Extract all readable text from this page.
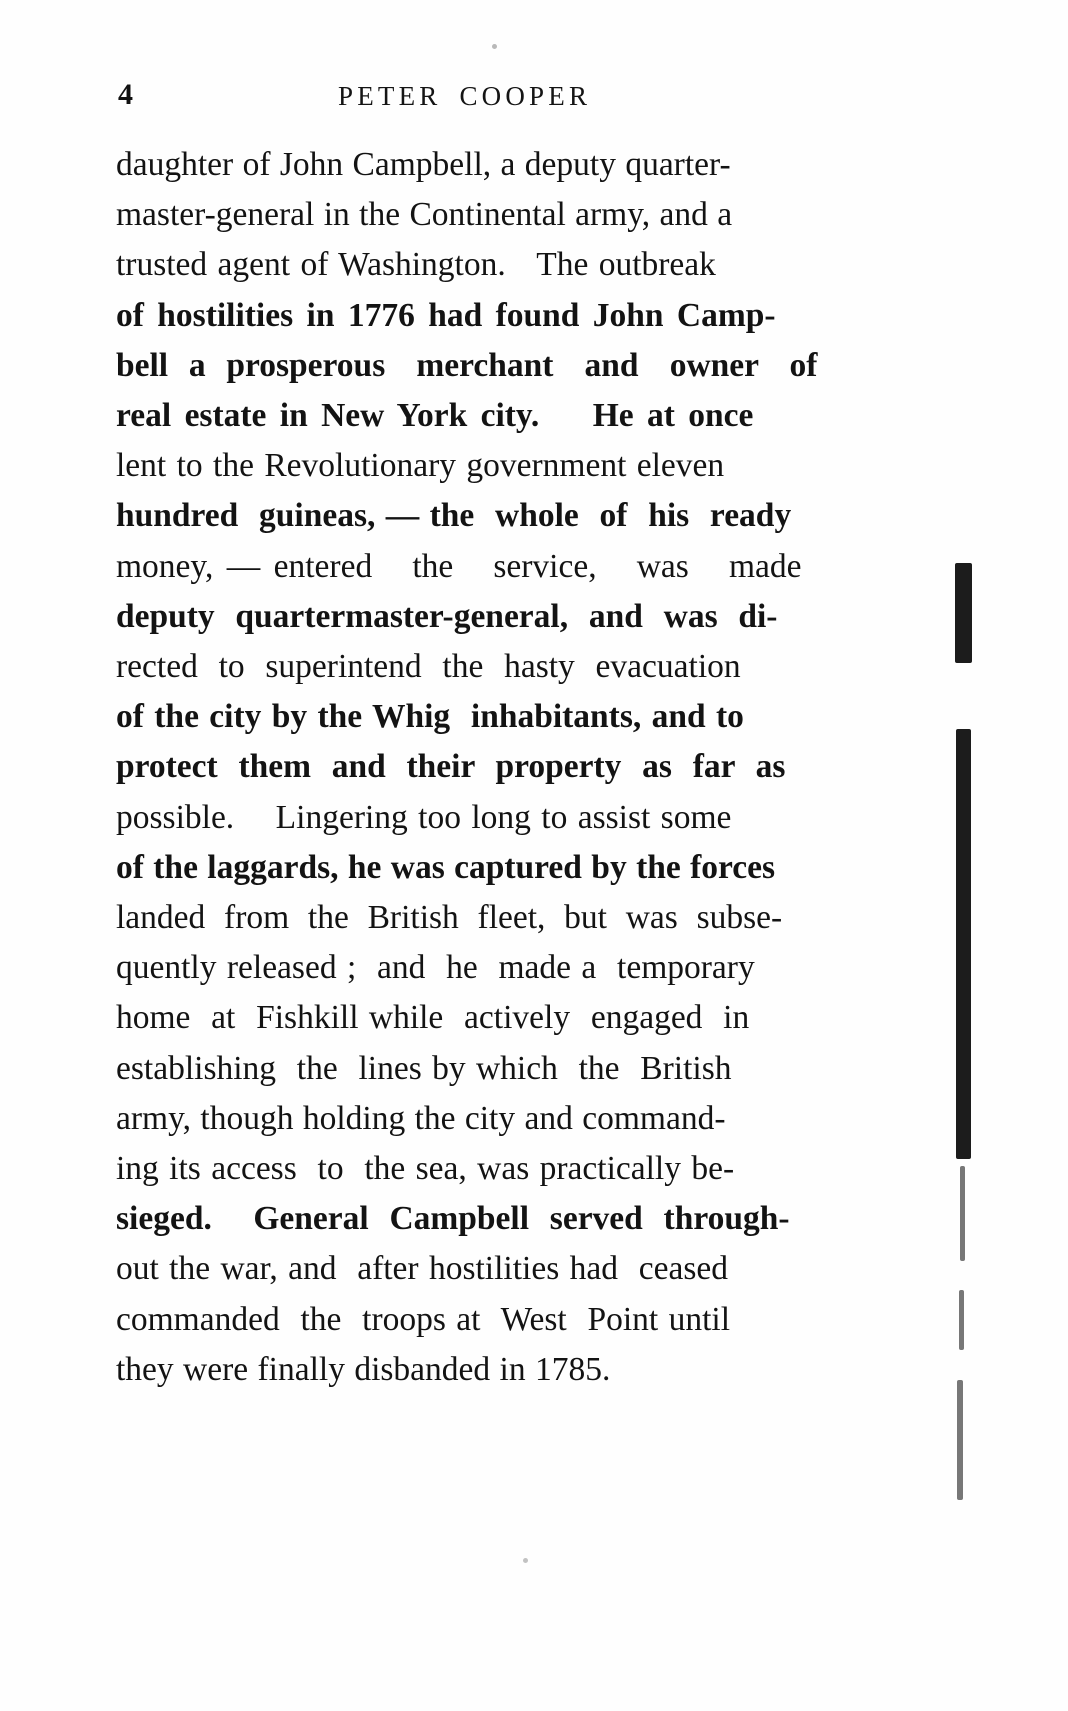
4	PETER COOPER
daughter of John Campbell, a deputy quarter-
master-general in the Continental army, and a
trusted agent of Washington.   The outbreak
of hostilities in 1776 had found John Camp-
bell  a  prosperous   merchant   and   owner   of
real estate in New York city.    He at once
lent to the Revolutionary government eleven
hundred  guineas, — the  whole  of  his  ready
money, — entered   the   service,   was   made
deputy  quartermaster-general,  and  was  di-
rected  to  superintend  the  hasty  evacuation
of the city by the Whig  inhabitants, and to
protect  them  and  their  property  as  far  as
possible.    Lingering too long to assist some
of the laggards, he was captured by the forces
landed  from  the  British  fleet,  but  was  subse-
quently released ;  and  he  made a  temporary
home  at  Fishkill while  actively  engaged  in
establishing  the  lines by which  the  British
army, though holding the city and command-
ing its access  to  the sea, was practically be-
sieged.    General  Campbell  served  through-
out the war, and  after hostilities had  ceased
commanded  the  troops at  West  Point until
they were finally disbanded in 1785.
